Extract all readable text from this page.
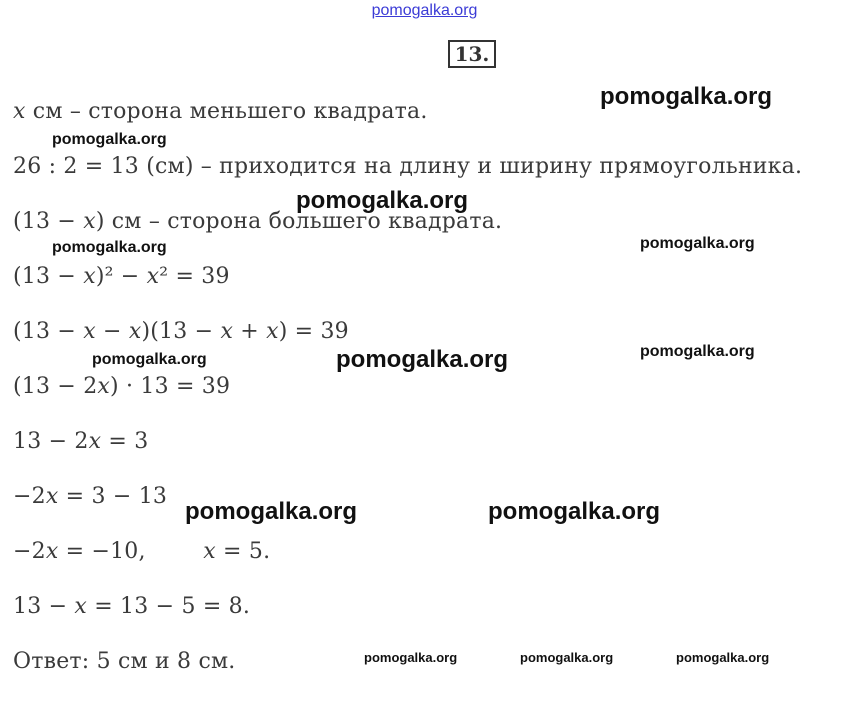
pomogalka.org
13.
x см – сторона меньшего квадрата.
26 : 2 = 13 (см) – приходится на длину и ширину прямоугольника.
(13 − x) см – сторона большего квадрата.
(13 − x)² − x² = 39
(13 − x − x)(13 − x + x) = 39
(13 − 2x) · 13 = 39
13 − 2x = 3
−2x = 3 − 13
−2x = −10,        x = 5.
13 − x = 13 − 5 = 8.
Ответ: 5 см и 8 см.
pomogalka.org
pomogalka.org
pomogalka.org
pomogalka.org	pomogalka.org
pomogalka.org
pomogalka.org	pomogalka.org
pomogalka.org	pomogalka.org
pomogalka.org	pomogalka.org	pomogalka.org
